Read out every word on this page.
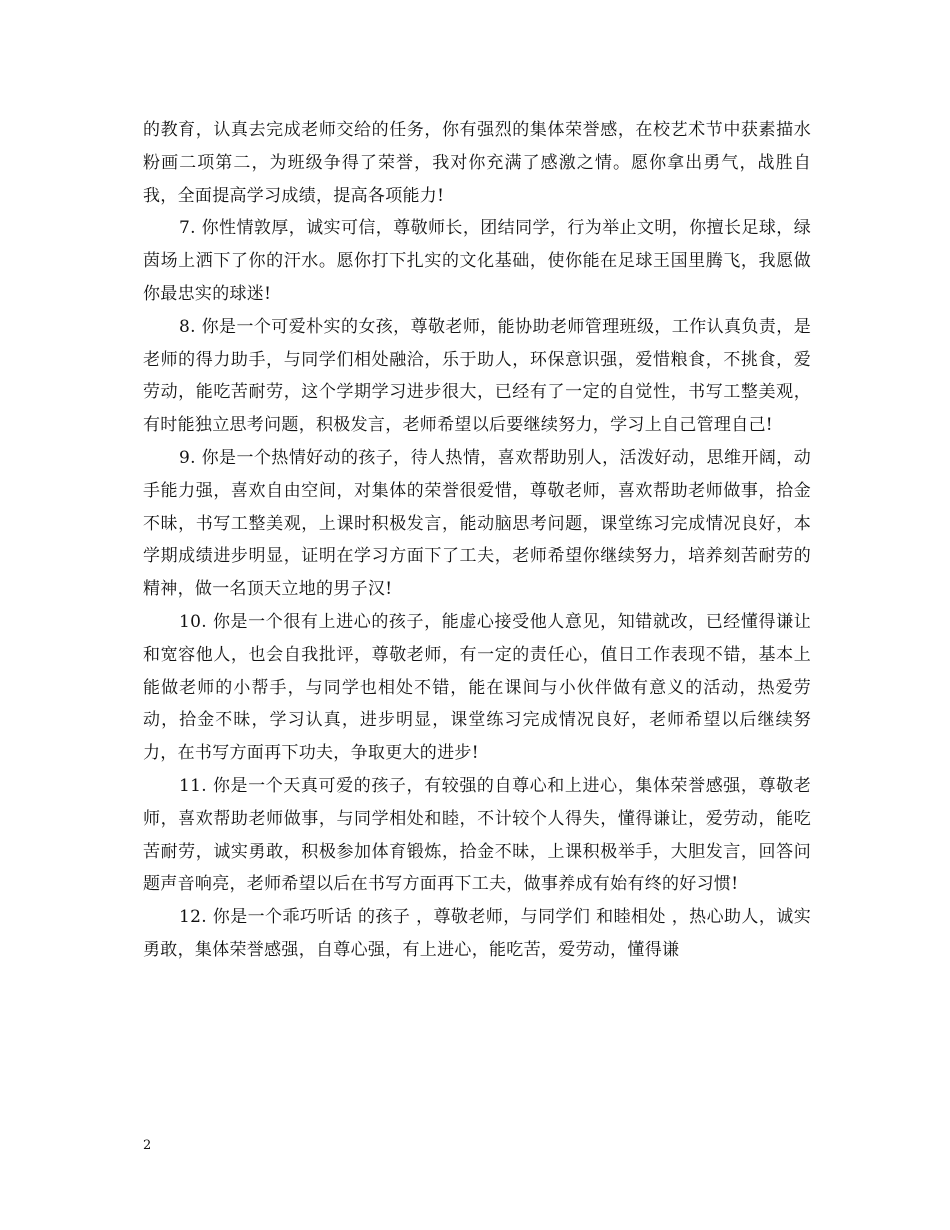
的教育，认真去完成老师交给的任务，你有强烈的集体荣誉感，在校艺术节中获素描水粉画二项第二，为班级争得了荣誉，我对你充满了感激之情。愿你拿出勇气，战胜自我，全面提高学习成绩，提高各项能力!

7. 你性情敦厚，诚实可信，尊敬师长，团结同学，行为举止文明，你擅长足球，绿茵场上洒下了你的汗水。愿你打下扎实的文化基础，使你能在足球王国里腾飞，我愿做你最忠实的球迷!

8. 你是一个可爱朴实的女孩，尊敬老师，能协助老师管理班级，工作认真负责，是老师的得力助手，与同学们相处融洽，乐于助人，环保意识强，爱惜粮食，不挑食，爱劳动，能吃苦耐劳，这个学期学习进步很大，已经有了一定的自觉性，书写工整美观，有时能独立思考问题，积极发言，老师希望以后要继续努力，学习上自己管理自己!

9. 你是一个热情好动的孩子，待人热情，喜欢帮助别人，活泼好动，思维开阔，动手能力强，喜欢自由空间，对集体的荣誉很爱惜，尊敬老师，喜欢帮助老师做事，拾金不昧，书写工整美观，上课时积极发言，能动脑思考问题，课堂练习完成情况良好，本学期成绩进步明显，证明在学习方面下了工夫，老师希望你继续努力，培养刻苦耐劳的精神，做一名顶天立地的男子汉!

10. 你是一个很有上进心的孩子，能虚心接受他人意见，知错就改，已经懂得谦让和宽容他人，也会自我批评，尊敬老师，有一定的责任心，值日工作表现不错，基本上能做老师的小帮手，与同学也相处不错，能在课间与小伙伴做有意义的活动，热爱劳动，拾金不昧，学习认真，进步明显，课堂练习完成情况良好，老师希望以后继续努力，在书写方面再下功夫，争取更大的进步!

11. 你是一个天真可爱的孩子，有较强的自尊心和上进心，集体荣誉感强，尊敬老师，喜欢帮助老师做事，与同学相处和睦，不计较个人得失，懂得谦让，爱劳动，能吃苦耐劳，诚实勇敢，积极参加体育锻炼，拾金不昧，上课积极举手，大胆发言，回答问题声音响亮，老师希望以后在书写方面再下工夫，做事养成有始有终的好习惯!

12. 你是一个乖巧听话 的孩子 ，尊敬老师，与同学们 和睦相处 ，热心助人，诚实勇敢，集体荣誉感强，自尊心强，有上进心，能吃苦，爱劳动，懂得谦

2
